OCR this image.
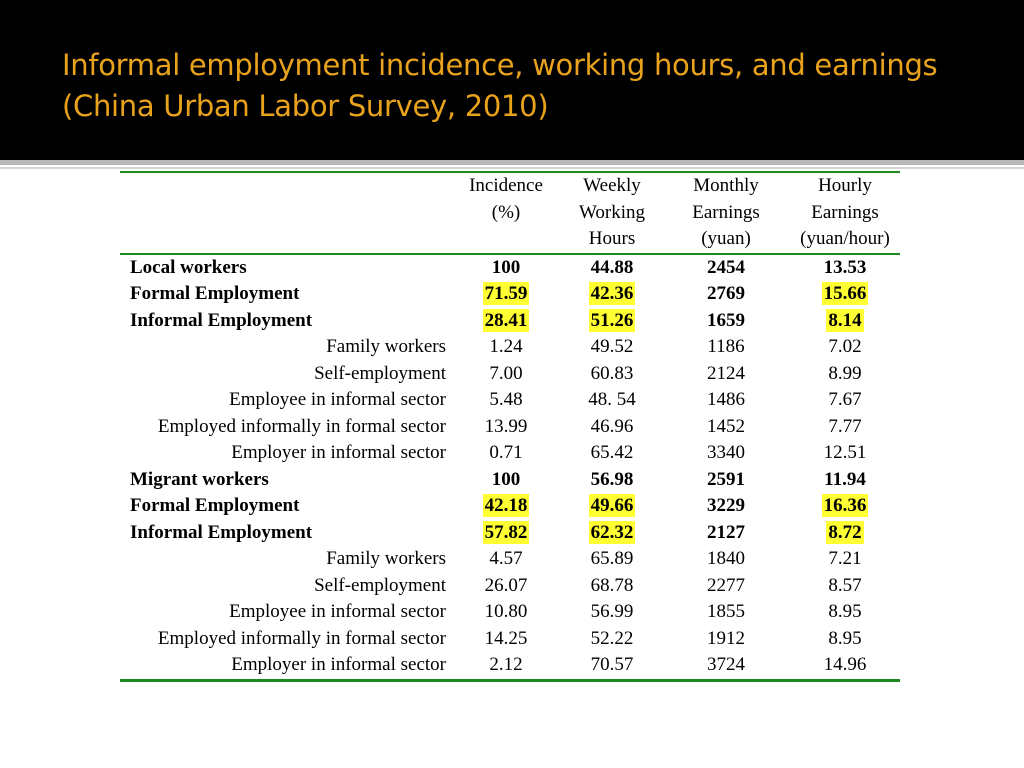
Informal employment incidence, working hours, and earnings
(China Urban Labor Survey, 2010)
	Incidence	Weekly	Monthly	Hourly
	(%)	Working	Earnings	Earnings
		Hours	(yuan)	(yuan/hour)
Local workers	100	44.88	2454	13.53
Formal Employment	71.59	42.36	2769	15.66
Informal Employment	28.41	51.26	1659	8.14
Family workers	1.24	49.52	1186	7.02
Self-employment	7.00	60.83	2124	8.99
Employee in informal sector	5.48	48. 54	1486	7.67
Employed informally in formal sector	13.99	46.96	1452	7.77
Employer in informal sector	0.71	65.42	3340	12.51
Migrant workers	100	56.98	2591	11.94
Formal Employment	42.18	49.66	3229	16.36
Informal Employment	57.82	62.32	2127	8.72
Family workers	4.57	65.89	1840	7.21
Self-employment	26.07	68.78	2277	8.57
Employee in informal sector	10.80	56.99	1855	8.95
Employed informally in formal sector	14.25	52.22	1912	8.95
Employer in informal sector	2.12	70.57	3724	14.96
